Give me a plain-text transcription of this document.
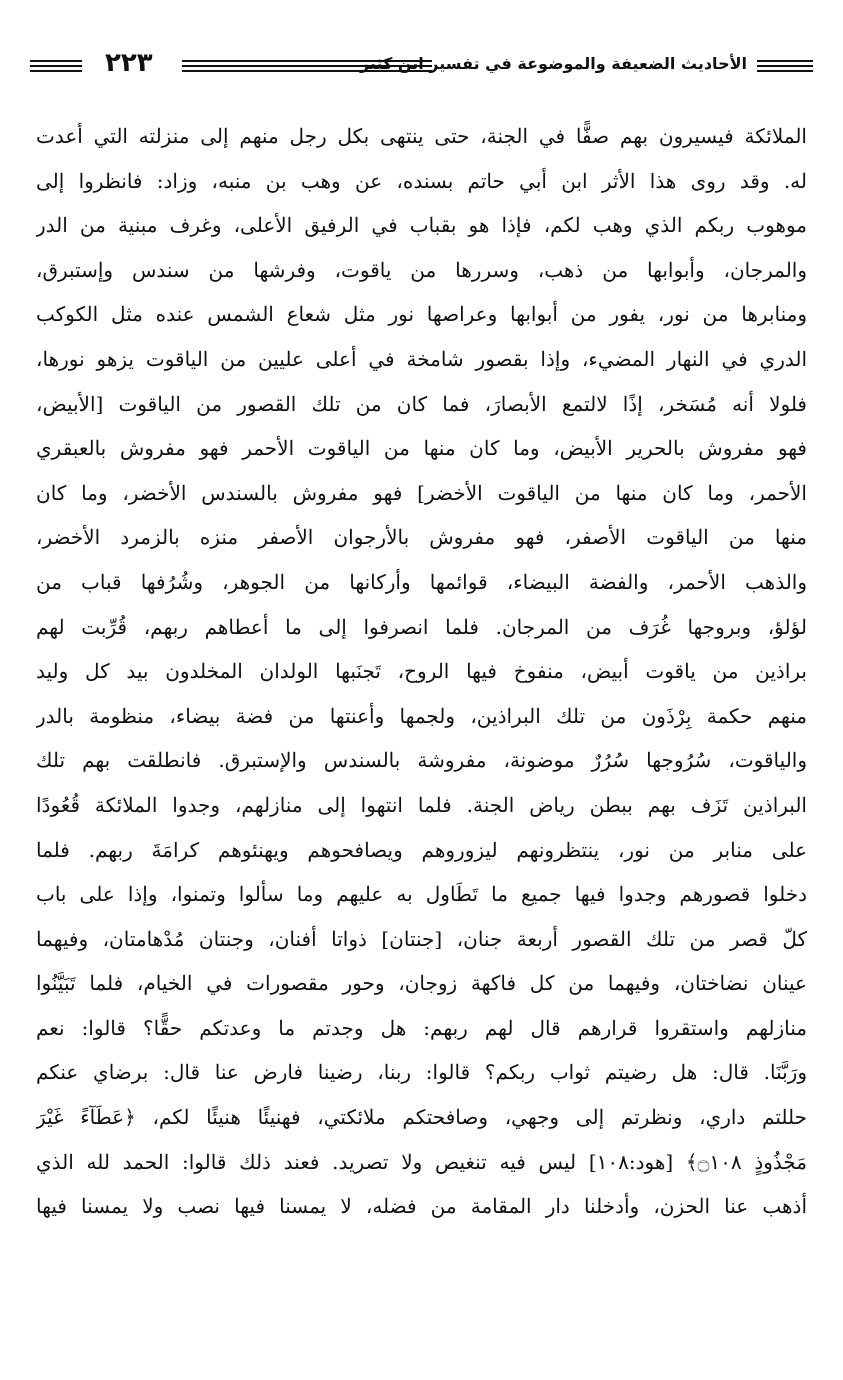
٢٢٣	الأحاديث الضعيفة والموضوعة في تفسير ابن كثير
الملائكة فيسيرون بهم صفًّا في الجنة، حتى ينتهى بكل رجل منهم إلى منزلته التي أعدت
له. وقد روى هذا الأثر ابن أبي حاتم بسنده، عن وهب بن منبه، وزاد: فانظروا إلى
موهوب ربكم الذي وهب لكم، فإذا هو بقباب في الرفيق الأعلى، وغرف مبنية من الدر
والمرجان، وأبوابها من ذهب، وسررها من ياقوت، وفرشها من سندس وإستبرق،
ومنابرها من نور، يفور من أبوابها وعراصها نور مثل شعاع الشمس عنده مثل الكوكب
الدري في النهار المضيء، وإذا بقصور شامخة في أعلى عليين من الياقوت يزهو نورها،
فلولا أنه مُسَخر، إذًا لالتمع الأبصارَ، فما كان من تلك القصور من الياقوت [الأبيض،
فهو مفروش بالحرير الأبيض، وما كان منها من الياقوت الأحمر فهو مفروش بالعبقري
الأحمر، وما كان منها من الياقوت الأخضر] فهو مفروش بالسندس الأخضر، وما كان
منها من الياقوت الأصفر، فهو مفروش بالأرجوان الأصفر منزه بالزمرد الأخضر،
والذهب الأحمر، والفضة البيضاء، قوائمها وأركانها من الجوهر، وشُرُفها قباب من
لؤلؤ، وبروجها غُرَف من المرجان. فلما انصرفوا إلى ما أعطاهم ربهم، قُرِّبت لهم
براذين من ياقوت أبيض، منفوخ فيها الروح، تَجنَبها الولدان المخلدون بيد كل وليد
منهم حكمة بِرْذَون من تلك البراذين، ولجمها وأعنتها من فضة بيضاء، منظومة بالدر
والياقوت، سُرُوجها سُرُرٌ موضونة، مفروشة بالسندس والإستبرق. فانطلقت بهم تلك
البراذين تَزَف بهم ببطن رياض الجنة. فلما انتهوا إلى منازلهم، وجدوا الملائكة قُعُودًا
على منابر من نور، ينتظرونهم ليزوروهم ويصافحوهم ويهنئوهم كرامَةَ ربهم. فلما
دخلوا قصورهم وجدوا فيها جميع ما تَطَاول به عليهم وما سألوا وتمنوا، وإذا على باب
كلّ قصر من تلك القصور أربعة جنان، [جنتان] ذواتا أفنان، وجنتان مُدْهامتان، وفيهما
عينان نضاختان، وفيهما من كل فاكهة زوجان، وحور مقصورات في الخيام، فلما تَبَيَّنُوا
منازلهم واستقروا قرارهم قال لهم ربهم: هل وجدتم ما وعدتكم حقًّا؟ قالوا: نعم
ورَبَّنَا. قال: هل رضيتم ثواب ربكم؟ قالوا: ربنا، رضينا فارض عنا قال: برضاي عنكم
حللتم داري، ونظرتم إلى وجهي، وصافحتكم ملائكتي، فهنيئًا هنيئًا لكم، ﴿عَطَآءً غَيْرَ
مَجْذُوذٍ ۝١٠٨﴾ [هود:١٠٨] ليس فيه تنغيص ولا تصريد. فعند ذلك قالوا: الحمد لله الذي
أذهب عنا الحزن، وأدخلنا دار المقامة من فضله، لا يمسنا فيها نصب ولا يمسنا فيها
